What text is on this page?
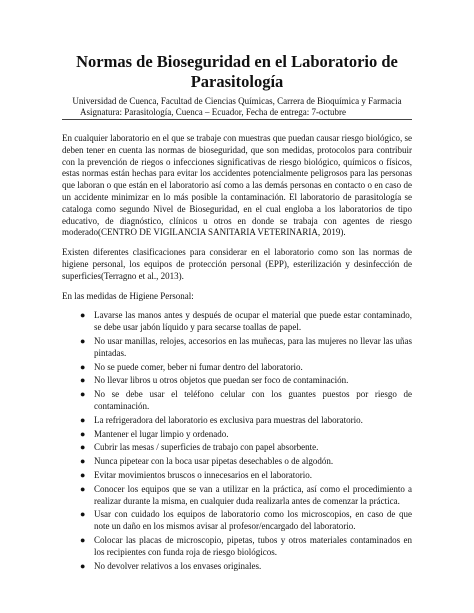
Normas de Bioseguridad en el Laboratorio de Parasitología

Universidad de Cuenca, Facultad de Ciencias Químicas, Carrera de Bioquímica y Farmacia

Asignatura: Parasitología, Cuenca – Ecuador, Fecha de entrega: 7-octubre

En cualquier laboratorio en el que se trabaje con muestras que puedan causar riesgo biológico, se deben tener en cuenta las normas de bioseguridad, que son medidas, protocolos para contribuir con la prevención de riegos o infecciones significativas de riesgo biológico, químicos o físicos, estas normas están hechas para evitar los accidentes potencialmente peligrosos para las personas que laboran o que están en el laboratorio así como a las demás personas en contacto o en caso de un accidente minimizar en lo más posible la contaminación. El laboratorio de parasitología se cataloga como segundo Nivel de Bioseguridad, en el cual engloba a los laboratorios de tipo educativo, de diagnóstico, clínicos u otros en donde se trabaja con agentes de riesgo moderado(CENTRO DE VIGILANCIA SANITARIA VETERINARIA, 2019).

Existen diferentes clasificaciones para considerar en el laboratorio como son las normas de higiene personal, los equipos de protección personal (EPP), esterilización y desinfección de superficies(Terragno et al., 2013).

En las medidas de Higiene Personal:

● Lavarse las manos antes y después de ocupar el material que puede estar contaminado, se debe usar jabón líquido y para secarse toallas de papel.
● No usar manillas, relojes, accesorios en las muñecas, para las mujeres no llevar las uñas pintadas.
● No se puede comer, beber ni fumar dentro del laboratorio.
● No llevar libros u otros objetos que puedan ser foco de contaminación.
● No se debe usar el teléfono celular con los guantes puestos por riesgo de contaminación.
● La refrigeradora del laboratorio es exclusiva para muestras del laboratorio.
● Mantener el lugar limpio y ordenado.
● Cubrir las mesas / superficies de trabajo con papel absorbente.
● Nunca pipetear con la boca usar pipetas desechables o de algodón.
● Evitar movimientos bruscos o innecesarios en el laboratorio.
● Conocer los equipos que se van a utilizar en la práctica, así como el procedimiento a realizar durante la misma, en cualquier duda realizarla antes de comenzar la práctica.
● Usar con cuidado los equipos de laboratorio como los microscopios, en caso de que note un daño en los mismos avisar al profesor/encargado del laboratorio.
● Colocar las placas de microscopio, pipetas, tubos y otros materiales contaminados en los recipientes con funda roja de riesgo biológicos.
● No devolver relativos a los envases originales.
